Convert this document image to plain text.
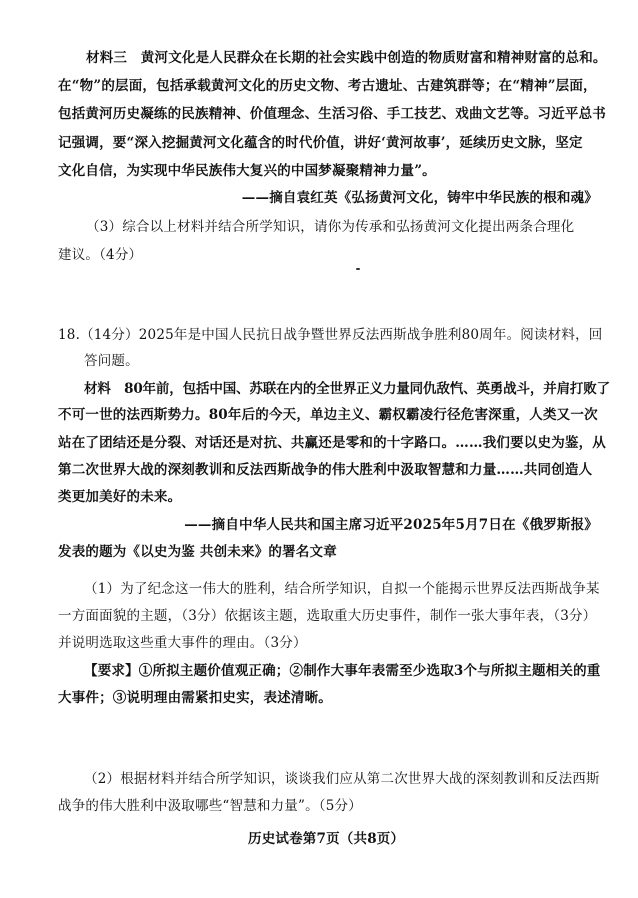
材料三　黄河文化是人民群众在长期的社会实践中创造的物质财富和精神财富的总和。
在“物”的层面，包括承载黄河文化的历史文物、考古遗址、古建筑群等；在“精神”层面，
包括黄河历史凝练的民族精神、价值理念、生活习俗、手工技艺、戏曲文艺等。习近平总书
记强调，要“深入挖掘黄河文化蕴含的时代价值，讲好‘黄河故事’，延续历史文脉，坚定
文化自信，为实现中华民族伟大复兴的中国梦凝聚精神力量”。
——摘自袁红英《弘扬黄河文化，铸牢中华民族的根和魂》
（3）综合以上材料并结合所学知识，请你为传承和弘扬黄河文化提出两条合理化
建议。（4分）
18.（14分）2025年是中国人民抗日战争暨世界反法西斯战争胜利80周年。阅读材料，回
答问题。
材料　80年前，包括中国、苏联在内的全世界正义力量同仇敌忾、英勇战斗，并肩打败了
不可一世的法西斯势力。80年后的今天，单边主义、霸权霸凌行径危害深重，人类又一次
站在了团结还是分裂、对话还是对抗、共赢还是零和的十字路口。……我们要以史为鉴，从
第二次世界大战的深刻教训和反法西斯战争的伟大胜利中汲取智慧和力量……共同创造人
类更加美好的未来。
——摘自中华人民共和国主席习近平2025年5月7日在《俄罗斯报》
发表的题为《以史为鉴 共创未来》的署名文章
（1）为了纪念这一伟大的胜利，结合所学知识，自拟一个能揭示世界反法西斯战争某
一方面面貌的主题，（3分）依据该主题，选取重大历史事件，制作一张大事年表，（3分）
并说明选取这些重大事件的理由。（3分）
【要求】①所拟主题价值观正确；②制作大事年表需至少选取3个与所拟主题相关的重
大事件；③说明理由需紧扣史实，表述清晰。
（2）根据材料并结合所学知识，谈谈我们应从第二次世界大战的深刻教训和反法西斯
战争的伟大胜利中汲取哪些“智慧和力量”。（5分）
历史试卷第7页（共8页）
